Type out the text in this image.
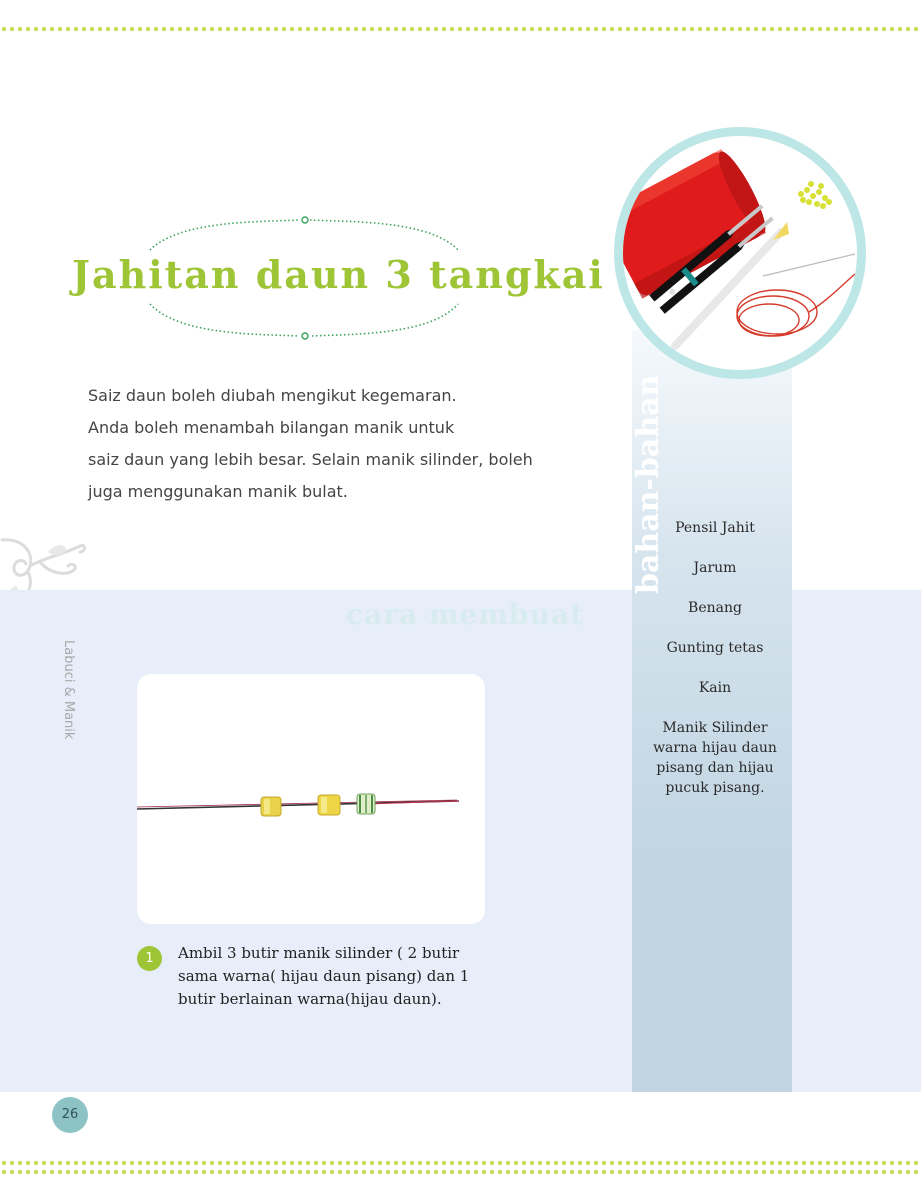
Jahitan daun 3 tangkai

Saiz daun boleh diubah mengikut kegemaran.
Anda boleh menambah bilangan manik untuk
saiz daun yang lebih besar. Selain manik silinder, boleh
juga menggunakan manik bulat.

cara membuat
Labuci & Manik
1	Ambil 3 butir manik silinder ( 2 butir
sama warna( hijau daun pisang) dan 1
butir berlainan warna(hijau daun).

bahan-bahan Pensil Jahit
Jarum
Benang
Gunting tetas
Kain
Manik Silinder
warna hijau daun
pisang dan hijau
pucuk pisang.
26
